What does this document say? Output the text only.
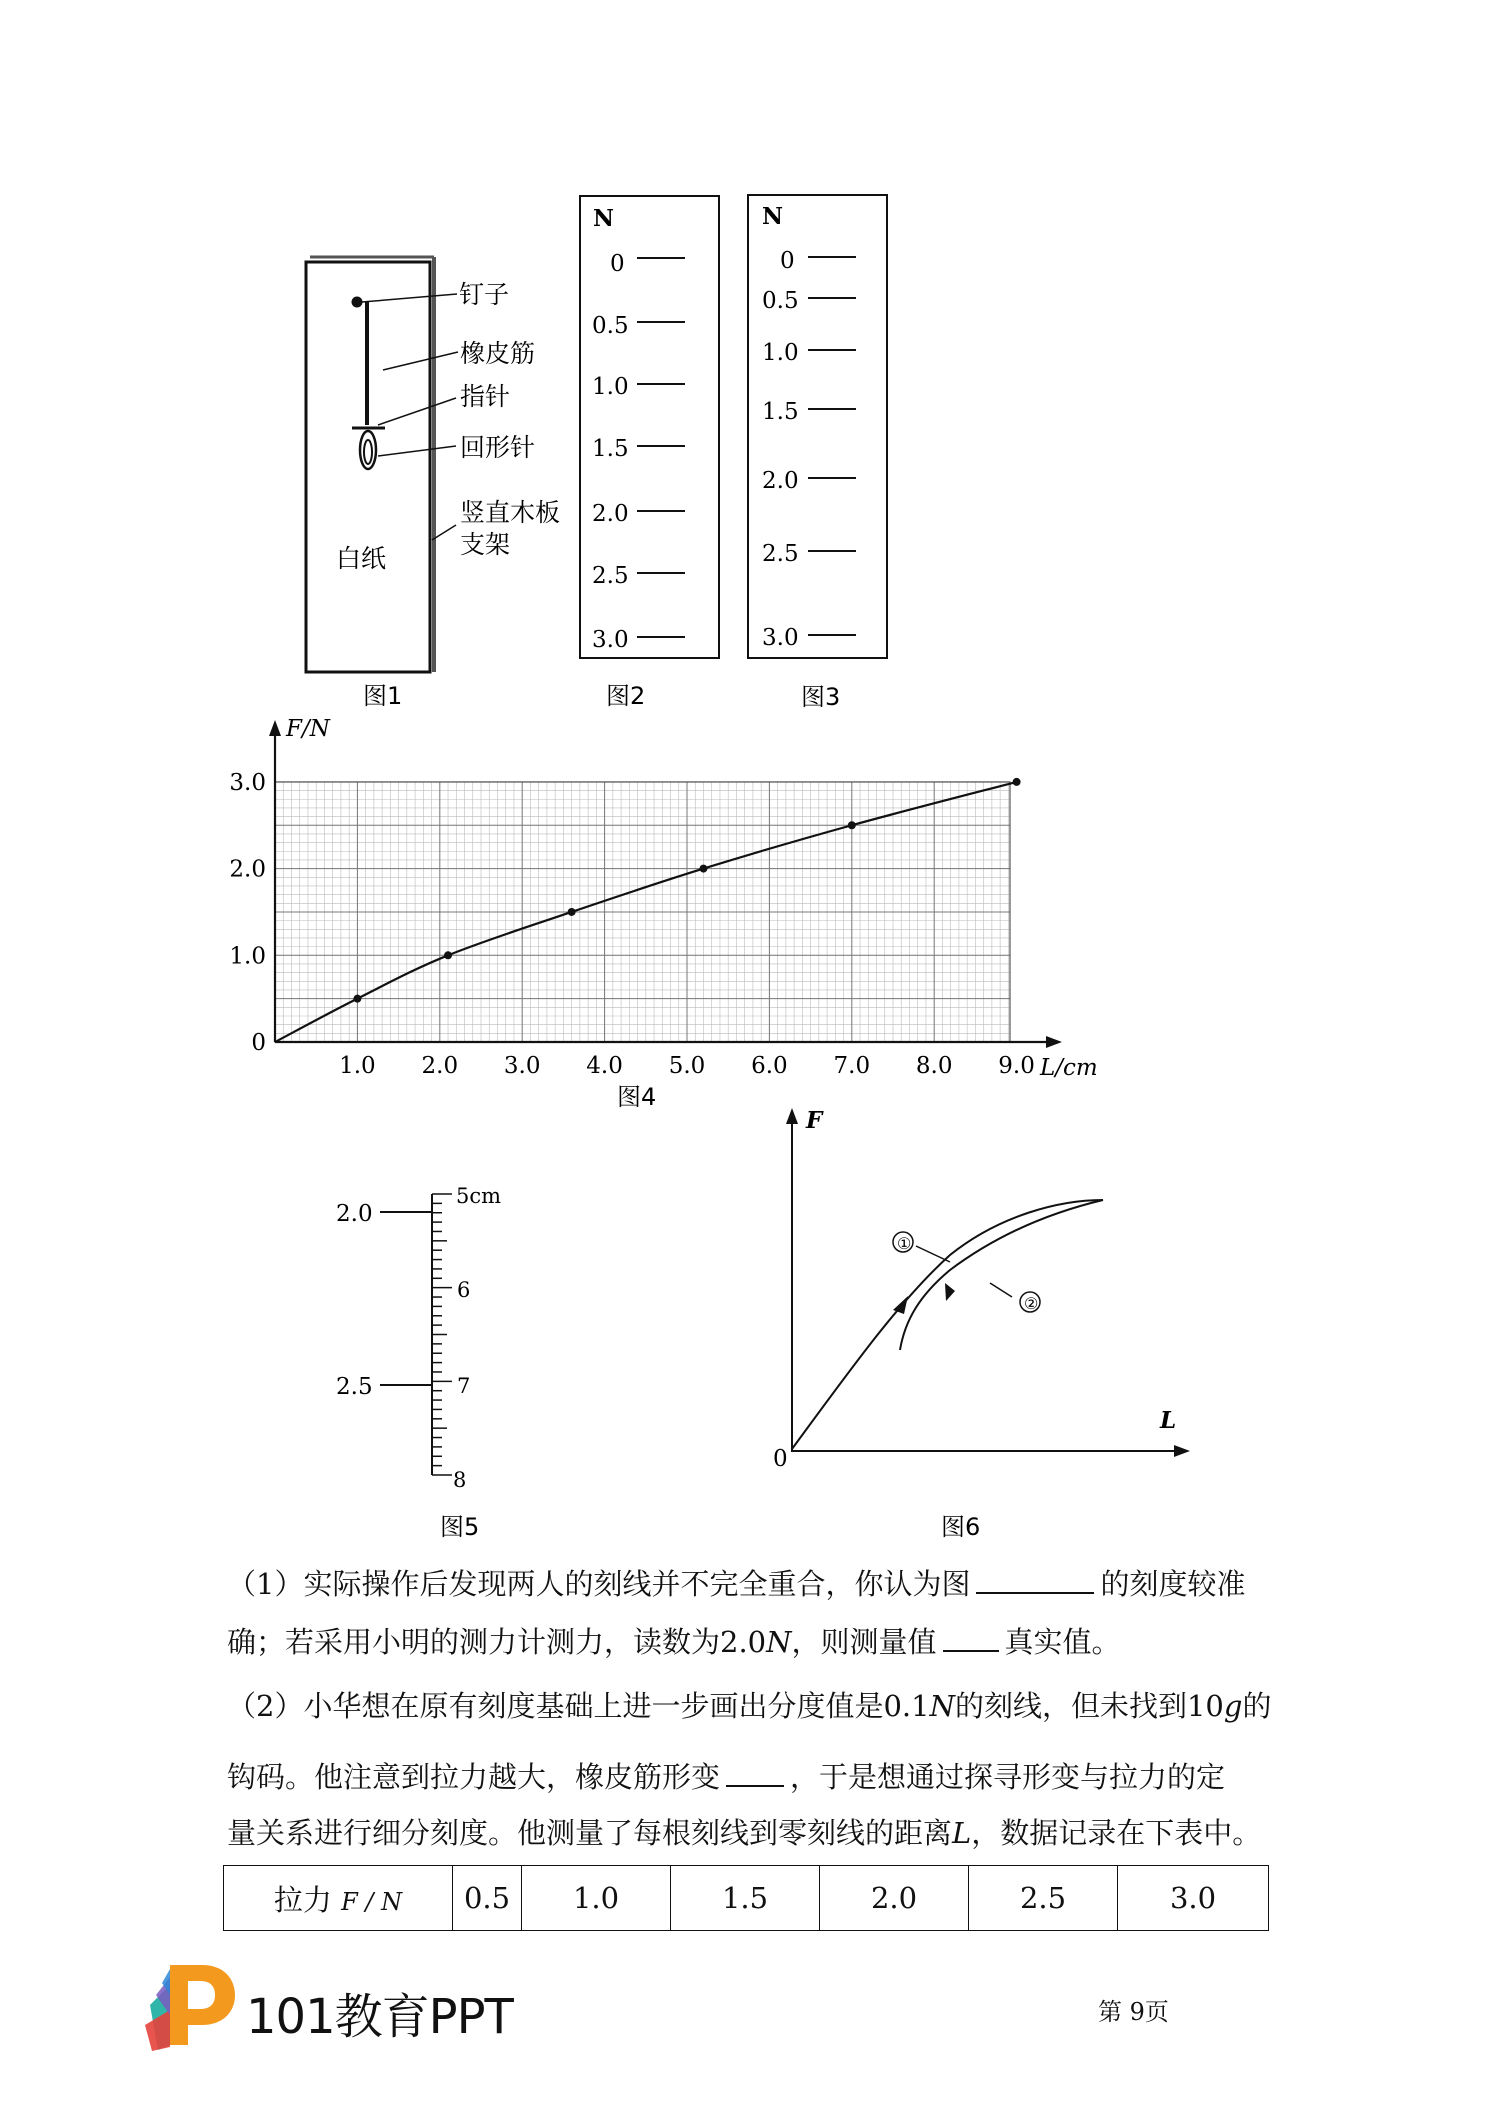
钉子
橡皮筋
指针
回形针
竖直木板
支架
白纸
图1
N
0
0.5
1.0
1.5
2.0
2.5
3.0
图2
N
0
0.5
1.0
1.5
2.0
2.5
3.0
图3
1.0 2.0 3.0 4.0 5.0 6.0 7.0 8.0 9.0
1.0
2.0
3.0
0
L/cm
F/N
图4
2.0
2.5
5cm
6
7
8
图5
①
②
F
L
0
图6
（1）实际操作后发现两人的刻线并不完全重合，你认为图	的刻度较准
确；若采用小明的测力计测力，读数为2.0N，则测量值 真实值。
（2）小华想在原有刻度基础上进一步画出分度值是0.1N的刻线，但未找到10g的
钩码。他注意到拉力越大，橡皮筋形变 ，于是想通过探寻形变与拉力的定
量关系进行细分刻度。他测量了每根刻线到零刻线的距离L，数据记录在下表中。
拉力 F / N	0.5	1.0	1.5	2.0	2.5	3.0
101教育PPT	第 9页
